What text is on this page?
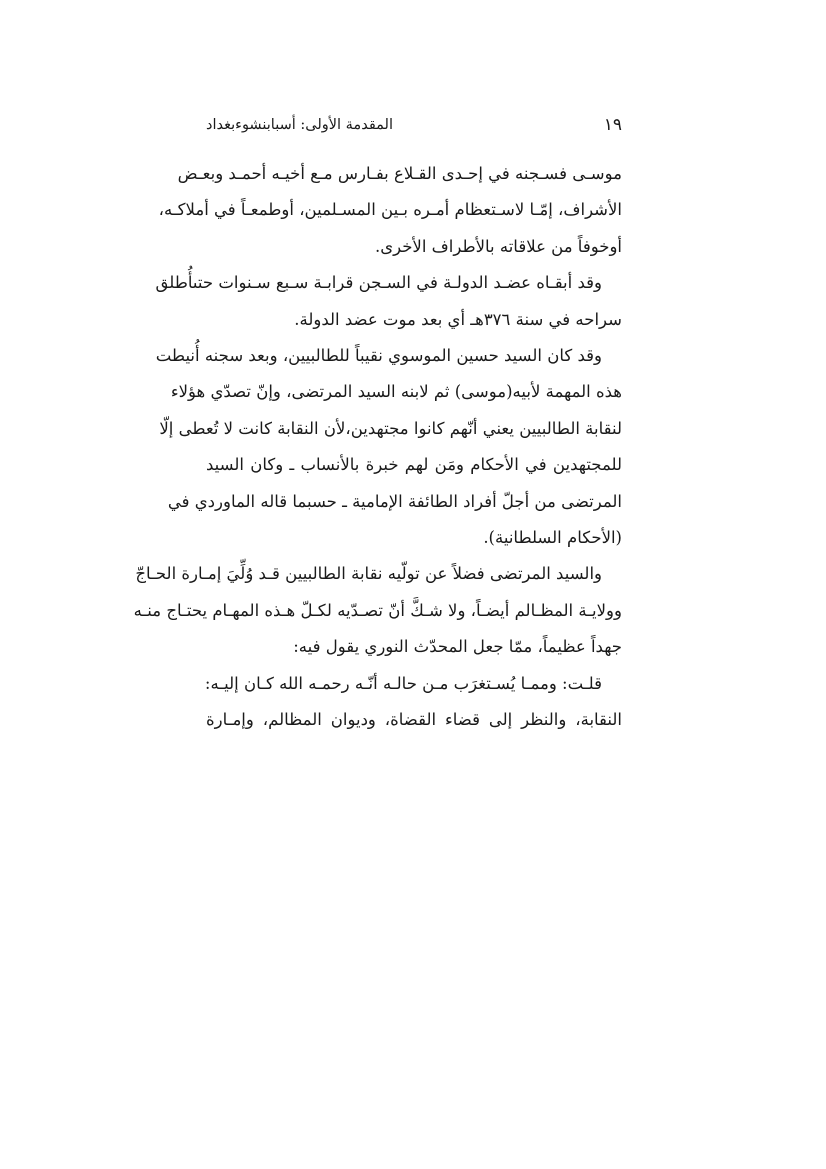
المقدمة الأولى: أسبابنشوءبغداد	١٩

موسـى فسـجنه في إحـدى القـلاع بفـارس مـع أخيـه أحمـد وبعـض
الأشراف، إمّـا لاسـتعظام أمـره بـين المسـلمين، أوطمعـاً في أملاكـه،
أوخوفاً من علاقاته بالأطراف الأخرى.

وقد أبقـاه عضـد الدولـة في السـجن قرابـة سـبع سـنوات حتىأُطلق
سراحه في سنة ٣٧٦هـ أي بعد موت عضد الدولة.

وقد كان السيد حسين الموسوي نقيباً للطالبيين، وبعد سجنه أُنيطت
هذه المهمة لأبيه(موسى) ثم لابنه السيد المرتضى، وإنّ تصدّي هؤلاء
لنقابة الطالبيين يعني أنّهم كانوا مجتهدين،لأن النقابة كانت لا تُعطى إلّا
للمجتهدين في الأحكام ومَن لهم خبرة بالأنساب ـ وكان السيد
المرتضى من أجلّ أفراد الطائفة الإمامية ـ حسبما قاله الماوردي في
(الأحكام السلطانية).

والسيد المرتضى فضلاً عن تولّيه نقابة الطالبيين قـد وُلِّيَ إمـارة الحـاجّ
وولايـة المظـالم أيضـاً، ولا شـكَّ أنّ تصـدّيه لكـلّ هـذه المهـام يحتـاج منـه
جهداً عظيماً، ممّا جعل المحدّث النوري يقول فيه:

قلـت: وممـا يُسـتغرَب مـن حالـه أنّـه رحمـه الله كـان إليـه:
النقابة، والنظر إلى قضاء القضاة، وديوان المظالم، وإمـارة
